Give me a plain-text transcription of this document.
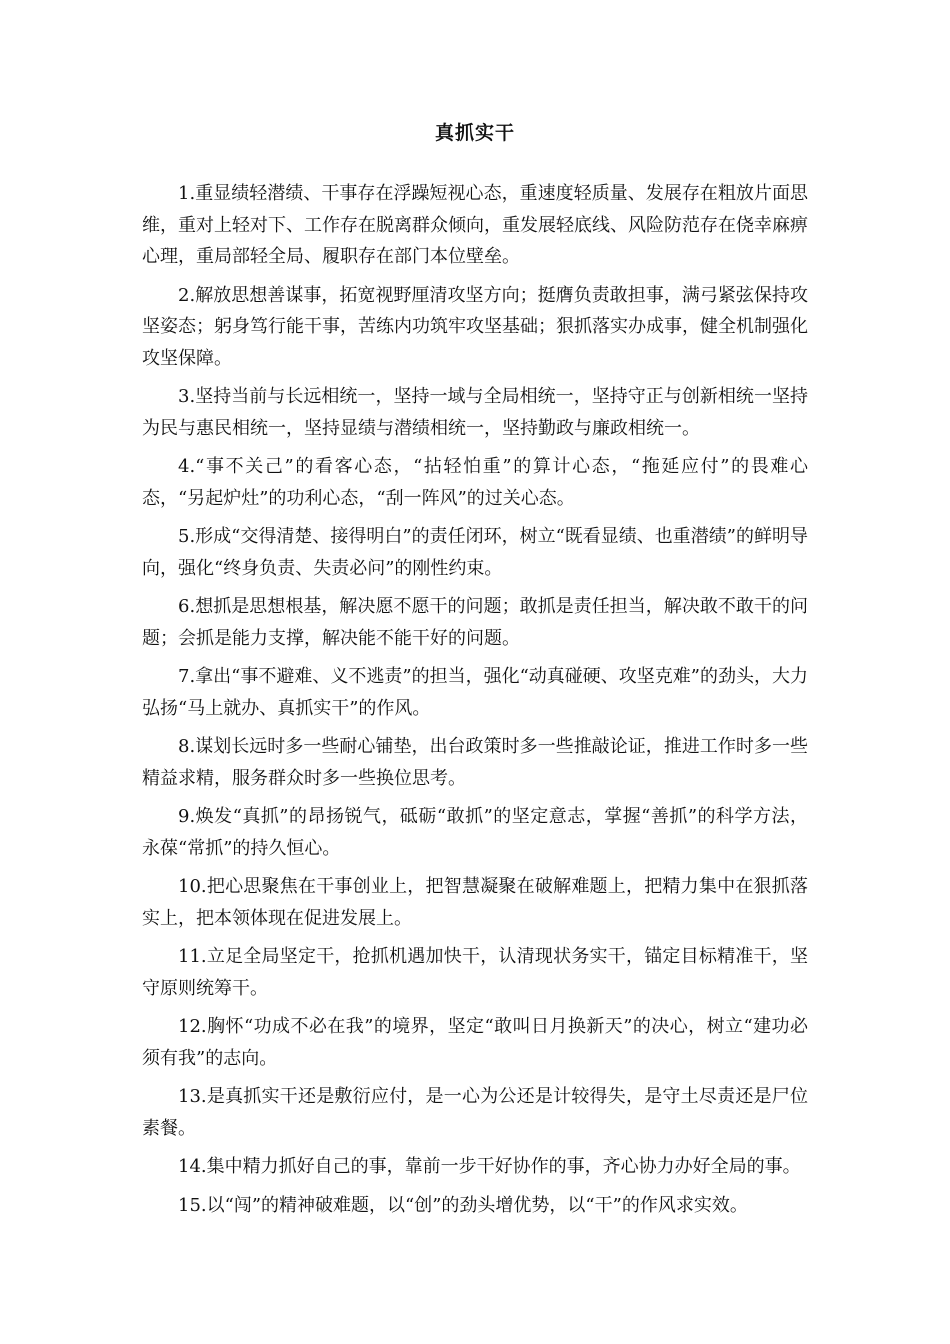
真抓实干

1.重显绩轻潜绩、干事存在浮躁短视心态，重速度轻质量、发展存在粗放片面思维，重对上轻对下、工作存在脱离群众倾向，重发展轻底线、风险防范存在侥幸麻痹心理，重局部轻全局、履职存在部门本位壁垒。

2.解放思想善谋事，拓宽视野厘清攻坚方向；挺膺负责敢担事，满弓紧弦保持攻坚姿态；躬身笃行能干事，苦练内功筑牢攻坚基础；狠抓落实办成事，健全机制强化攻坚保障。

3.坚持当前与长远相统一，坚持一域与全局相统一，坚持守正与创新相统一坚持为民与惠民相统一，坚持显绩与潜绩相统一，坚持勤政与廉政相统一。

4.“事不关己”的看客心态，“拈轻怕重”的算计心态，“拖延应付”的畏难心态，“另起炉灶”的功利心态，“刮一阵风”的过关心态。

5.形成“交得清楚、接得明白”的责任闭环，树立“既看显绩、也重潜绩”的鲜明导向，强化“终身负责、失责必问”的刚性约束。

6.想抓是思想根基，解决愿不愿干的问题；敢抓是责任担当，解决敢不敢干的问题；会抓是能力支撑，解决能不能干好的问题。

7.拿出“事不避难、义不逃责”的担当，强化“动真碰硬、攻坚克难”的劲头，大力弘扬“马上就办、真抓实干”的作风。

8.谋划长远时多一些耐心铺垫，出台政策时多一些推敲论证，推进工作时多一些精益求精，服务群众时多一些换位思考。

9.焕发“真抓”的昂扬锐气，砥砺“敢抓”的坚定意志，掌握“善抓”的科学方法，永葆“常抓”的持久恒心。

10.把心思聚焦在干事创业上，把智慧凝聚在破解难题上，把精力集中在狠抓落实上，把本领体现在促进发展上。

11.立足全局坚定干，抢抓机遇加快干，认清现状务实干，锚定目标精准干，坚守原则统筹干。

12.胸怀“功成不必在我”的境界，坚定“敢叫日月换新天”的决心，树立“建功必须有我”的志向。

13.是真抓实干还是敷衍应付，是一心为公还是计较得失，是守土尽责还是尸位素餐。

14.集中精力抓好自己的事，靠前一步干好协作的事，齐心协力办好全局的事。

15.以“闯”的精神破难题，以“创”的劲头增优势，以“干”的作风求实效。
